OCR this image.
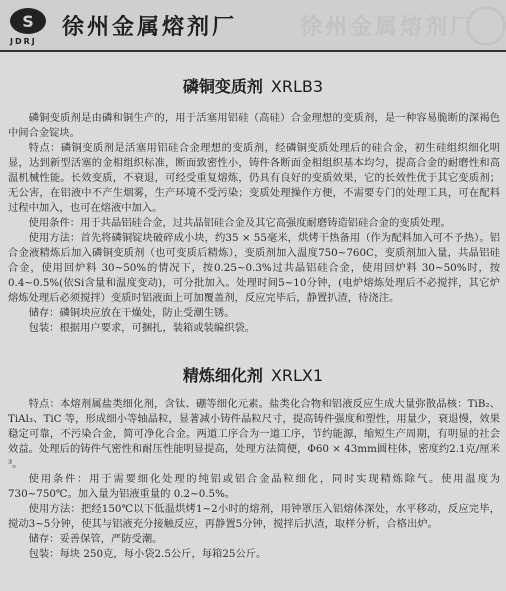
S
JDRJ
徐州金属熔剂厂	徐州金属熔剂厂
磷铜变质剂 XRLB3

磷铜变质剂是由磷和铜生产的，用于活塞用铝硅（高硅）合金理想的变质剂，是一种容易脆断的深褐色中间合金锭块。

特点：磷铜变质剂是活塞用铝硅合金理想的变质剂，经磷铜变质处理后的硅合金，初生硅组织细化明显，达到新型活塞的金相组织标准，断面致密性小，铸件各断面金相组织基本均匀，提高合金的耐磨性和高温机械性能。长效变质，不衰退，可经受重复熔炼，仍具有良好的变质效果，它的长效性优于其它变质剂；无公害，在铝液中不产生烟雾，生产环境不受污染；变质处理操作方便，不需要专门的处理工具，可在配料过程中加入，也可在熔液中加入。

使用条件：用于共晶铝硅合金，过共晶铝硅合金及其它高强度耐磨铸造铝硅合金的变质处理。

使用方法：首先将磷铜锭块破碎成小块，约35 × 55毫米，烘烤干热备用（作为配料加入可不予热）。铝合金液精炼后加入磷铜变质剂（也可变质后精炼），变质剂加入温度750~760C，变质剂加入量，共晶铝硅合金，使用回炉料 30~50%的情况下，按0.25~0.3%过共晶铝硅合金，使用回炉料 30~50%时，按 0.4~0.5%(依Si含量和温度变动)，可分批加入。处理时间5~10分钟，(电炉熔炼处理后不必搅拌，其它炉熔炼处理后必须搅拌）变质时铝液面上可加覆盖剂，反应完毕后，静置扒渣，待浇注。

储存：磷铜块应放在干燥处，防止受潮生锈。

包装：根据用户要求，可捆扎，装箱或装编织袋。

精炼细化剂 XRLX1

特点：本熔剂属盐类细化剂，含钛、硼等细化元素。盐类化合物和铝液反应生成大量弥散晶核：TiB₂、TiAl₃、TiC 等，形成细小等轴晶粒，显著减小铸件晶粒尺寸，提高铸件强度和塑性，用量少，衰退慢，效果稳定可靠，不污染合金，简可净化合金。两道工序合为一道工序，节约能源，缩短生产周期，有明显的社会效益。处理后的铸件气密性和耐压性能明显提高，处理方法简便，Φ60 × 43mm圆柱体，密度约2.1克/厘米³。

使用条件：用于需要细化处理的纯铝或铝合金晶粒细化，同时实现精炼除气。使用温度为 730~750℃。加入量为铝液重量的 0.2~0.5%。

使用方法：把经150℃以下低温烘烤1~2小时的熔剂，用钟罩压入铝熔体深处，水平移动，反应完毕，搅动3~5分钟，使其与铝液充分接触反应，再静置5分钟，搅拌后扒渣，取样分析，合格出炉。

储存：妥善保管，严防受潮。

包装：每块 250克，每小袋2.5公斤，每箱25公斤。
